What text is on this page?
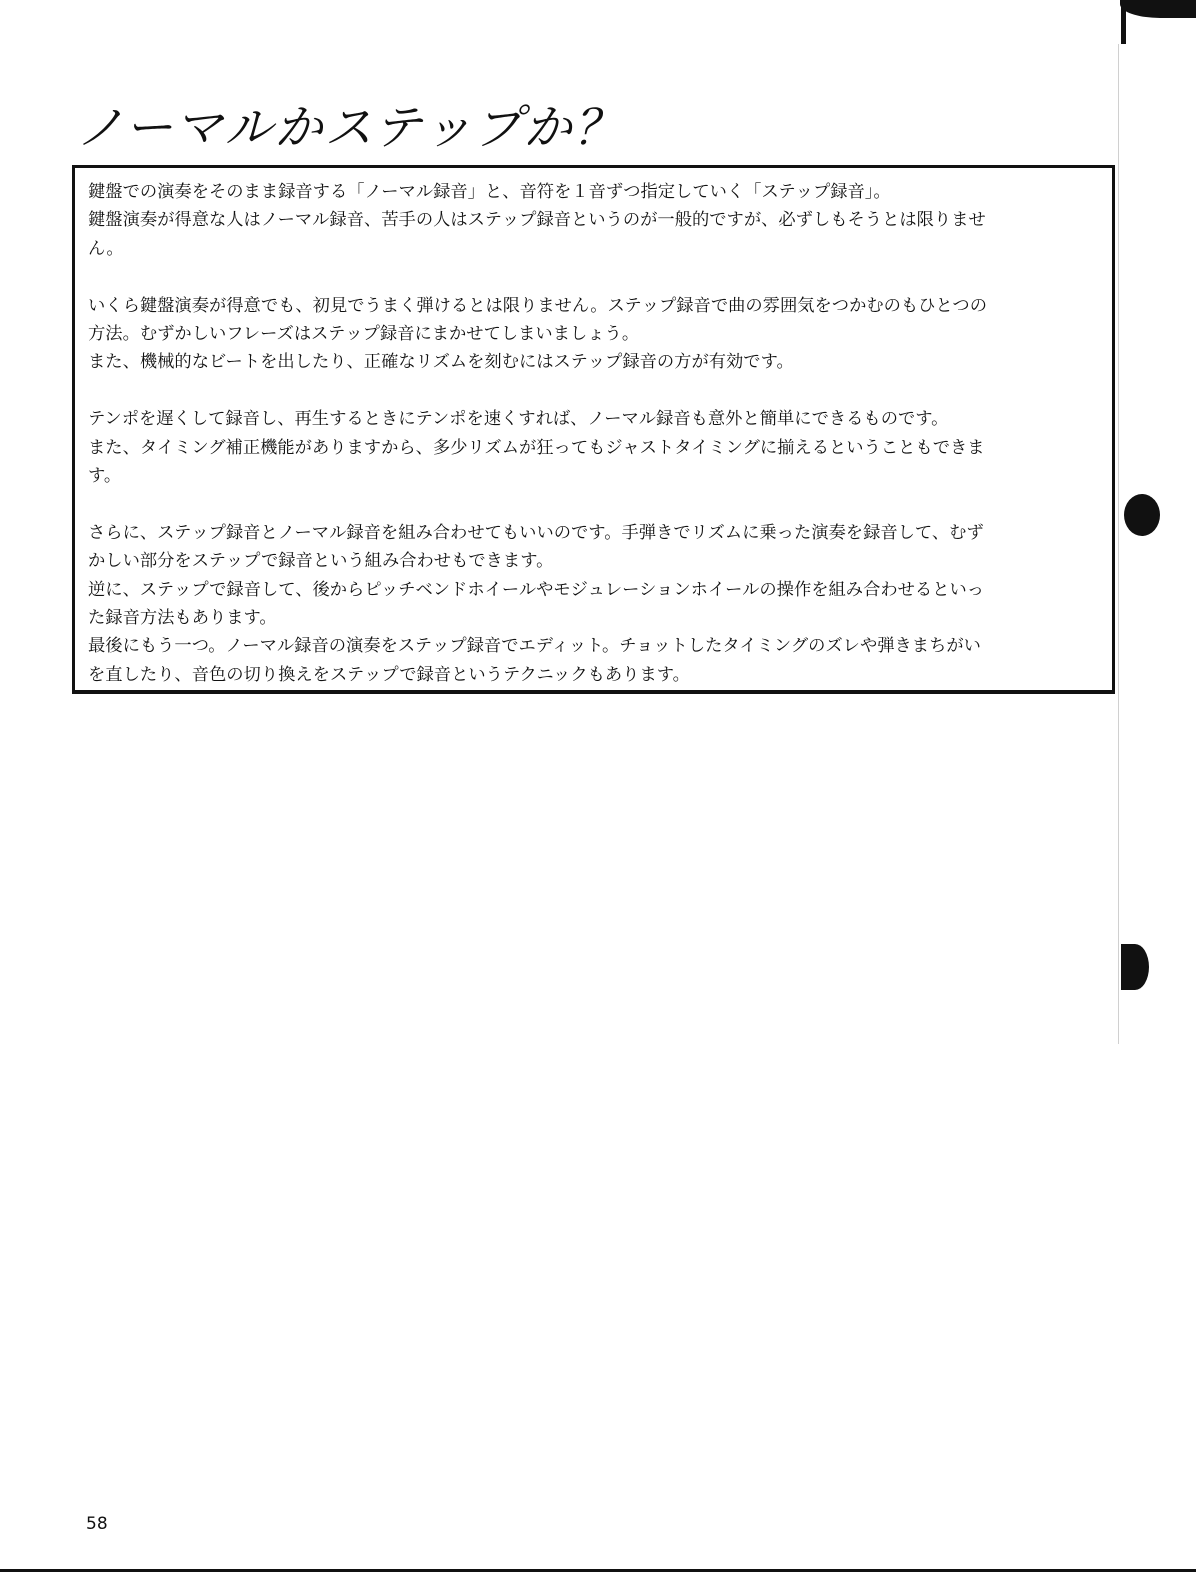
ノーマルかステップか？

鍵盤での演奏をそのまま録音する「ノーマル録音」と、音符を１音ずつ指定していく「ステップ録音」。
鍵盤演奏が得意な人はノーマル録音、苦手の人はステップ録音というのが一般的ですが、必ずしもそうとは限りませ
ん。

いくら鍵盤演奏が得意でも、初見でうまく弾けるとは限りません。ステップ録音で曲の雰囲気をつかむのもひとつの
方法。むずかしいフレーズはステップ録音にまかせてしまいましょう。
また、機械的なビートを出したり、正確なリズムを刻むにはステップ録音の方が有効です。

テンポを遅くして録音し、再生するときにテンポを速くすれば、ノーマル録音も意外と簡単にできるものです。
また、タイミング補正機能がありますから、多少リズムが狂ってもジャストタイミングに揃えるということもできま
す。

さらに、ステップ録音とノーマル録音を組み合わせてもいいのです。手弾きでリズムに乗った演奏を録音して、むず
かしい部分をステップで録音という組み合わせもできます。
逆に、ステップで録音して、後からピッチベンドホイールやモジュレーションホイールの操作を組み合わせるといっ
た録音方法もあります。
最後にもう一つ。ノーマル録音の演奏をステップ録音でエディット。チョットしたタイミングのズレや弾きまちがい
を直したり、音色の切り換えをステップで録音というテクニックもあります。

58
